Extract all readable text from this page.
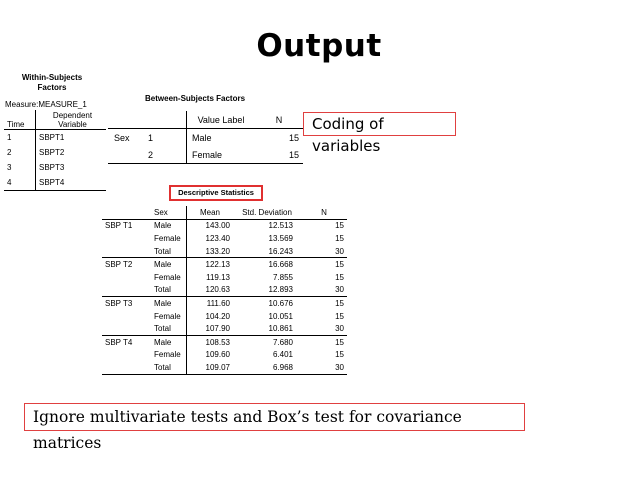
Output
Within-Subjects
Factors
Measure:MEASURE_1
Time	Dependent
Variable

1	SBPT1
2	SBPT2
3	SBPT3
4	SBPT4
Between-Subjects Factors
		Value Label	N
Sex	1	Male	15
	2	Female	15
Coding of variables
Descriptive Statistics
	Sex	Mean	Std. Deviation	N
SBP T1	Male	143.00	12.513	15
	Female	123.40	13.569	15
	Total	133.20	16.243	30
SBP T2	Male	122.13	16.668	15
	Female	119.13	7.855	15
	Total	120.63	12.893	30
SBP T3	Male	111.60	10.676	15
	Female	104.20	10.051	15
	Total	107.90	10.861	30
SBP T4	Male	108.53	7.680	15
	Female	109.60	6.401	15
	Total	109.07	6.968	30
Ignore multivariate tests and Box’s test for covariance matrices
